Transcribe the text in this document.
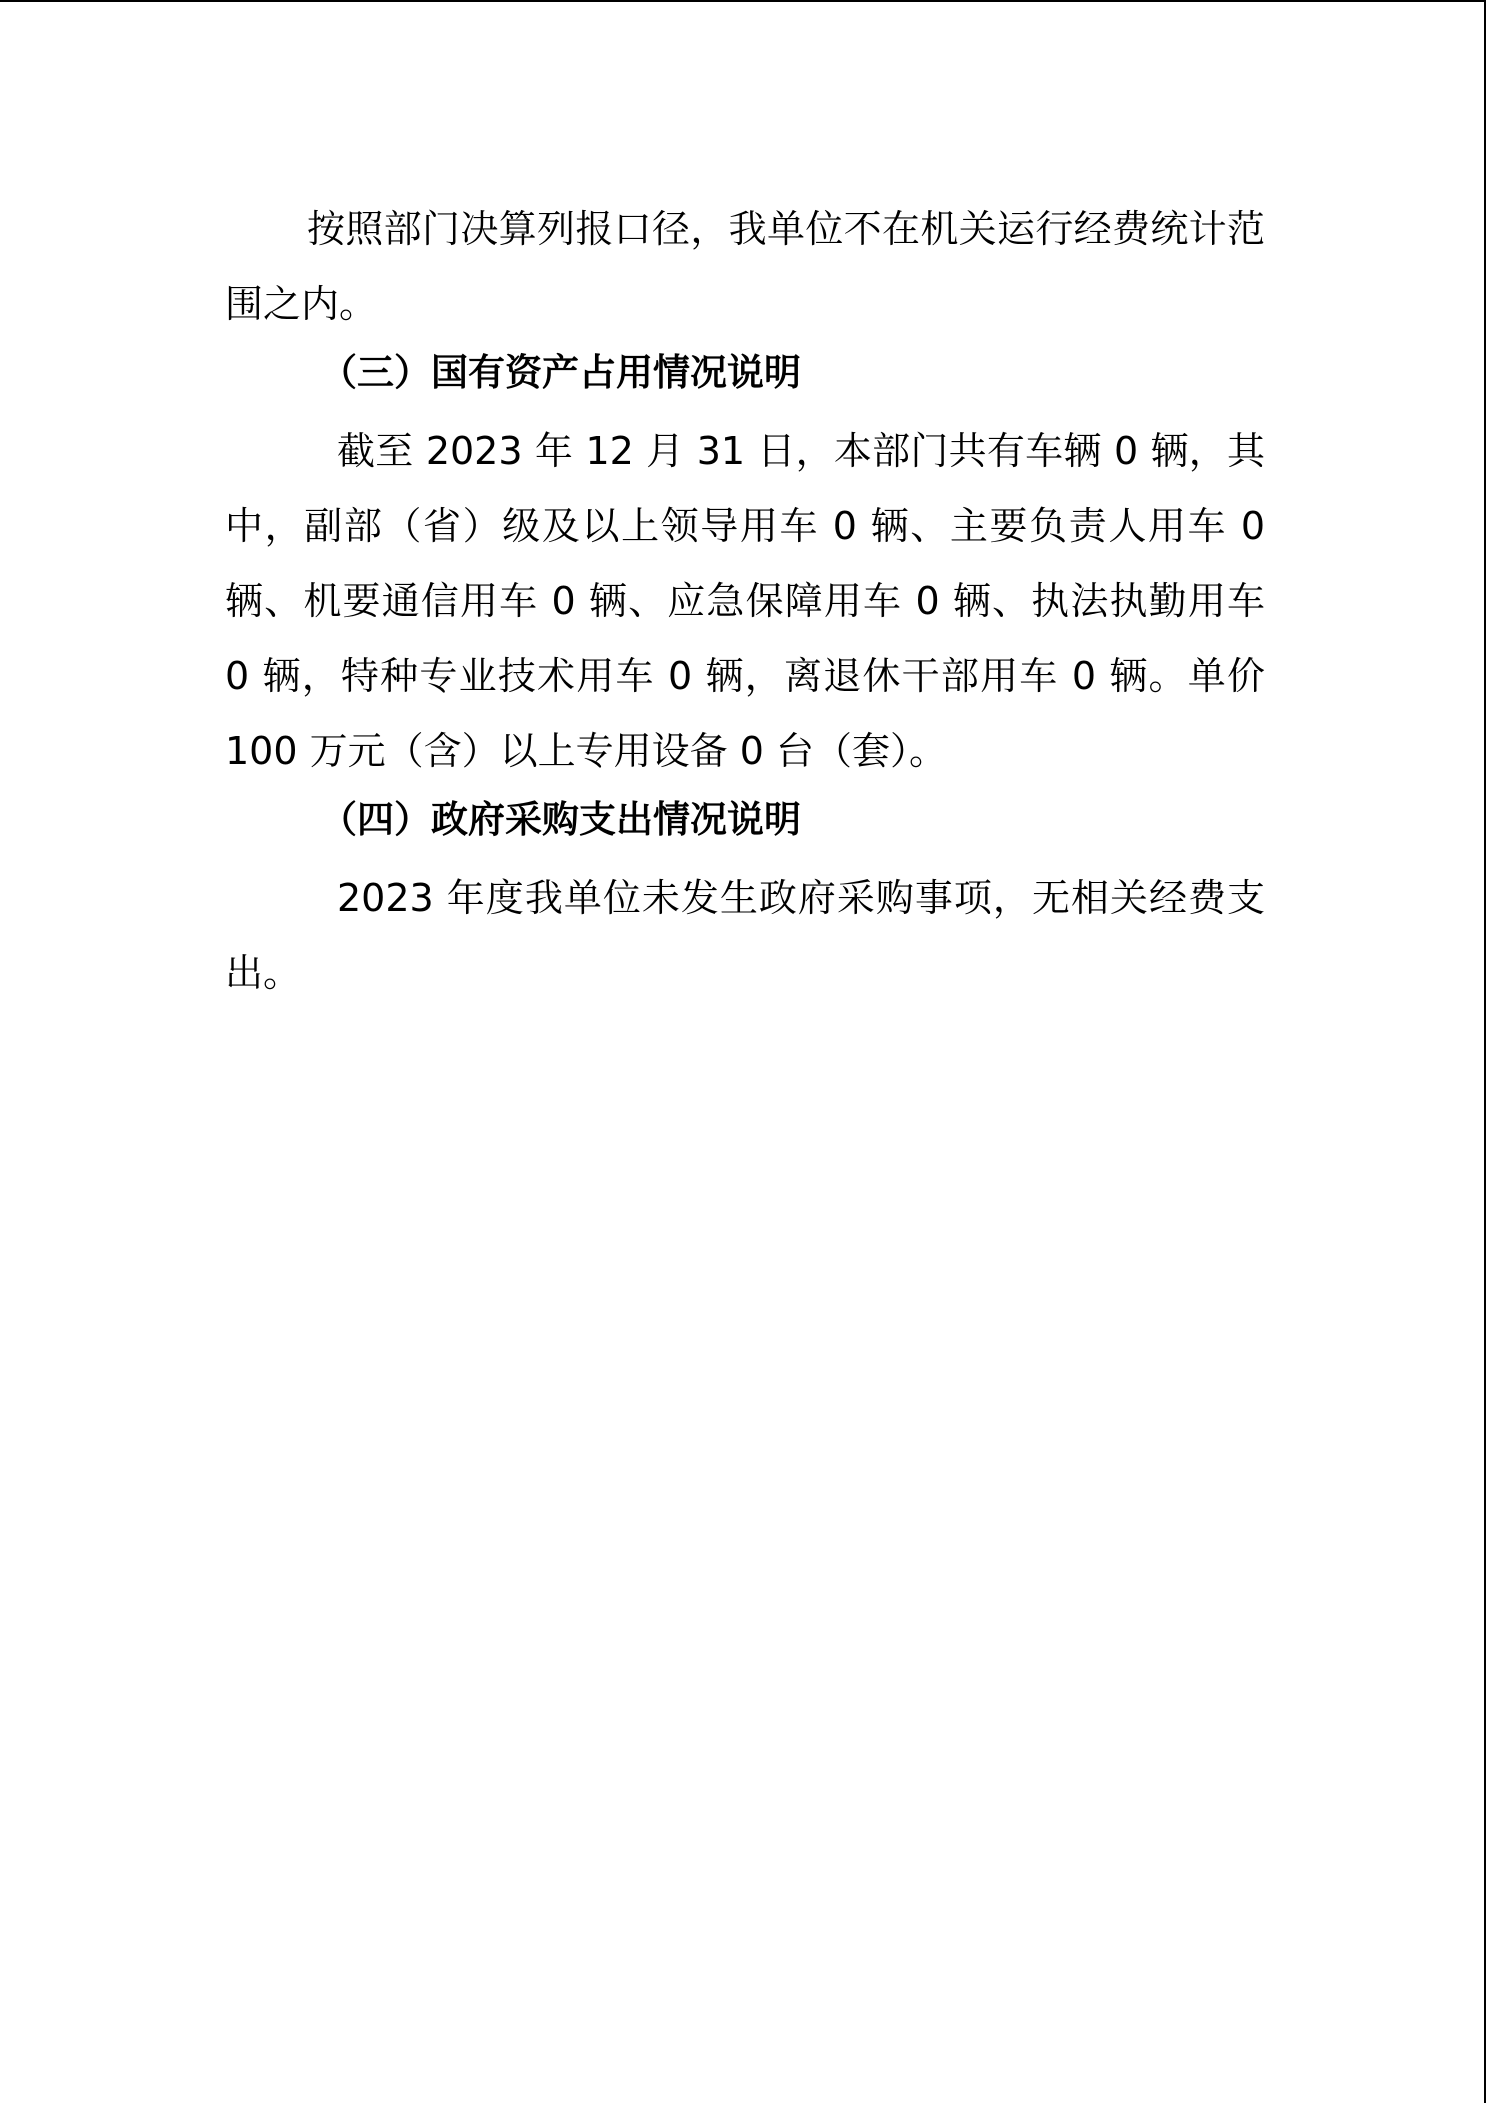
按照部门决算列报口径，我单位不在机关运行经费统计范围之内。

（三）国有资产占用情况说明

截至 2023 年 12 月 31 日，本部门共有车辆 0 辆，其中，副部（省）级及以上领导用车 0 辆、主要负责人用车 0 辆、机要通信用车 0 辆、应急保障用车 0 辆、执法执勤用车 0 辆，特种专业技术用车 0 辆，离退休干部用车 0 辆。单价 100 万元（含）以上专用设备 0 台（套）。

（四）政府采购支出情况说明

2023 年度我单位未发生政府采购事项，无相关经费支出。
